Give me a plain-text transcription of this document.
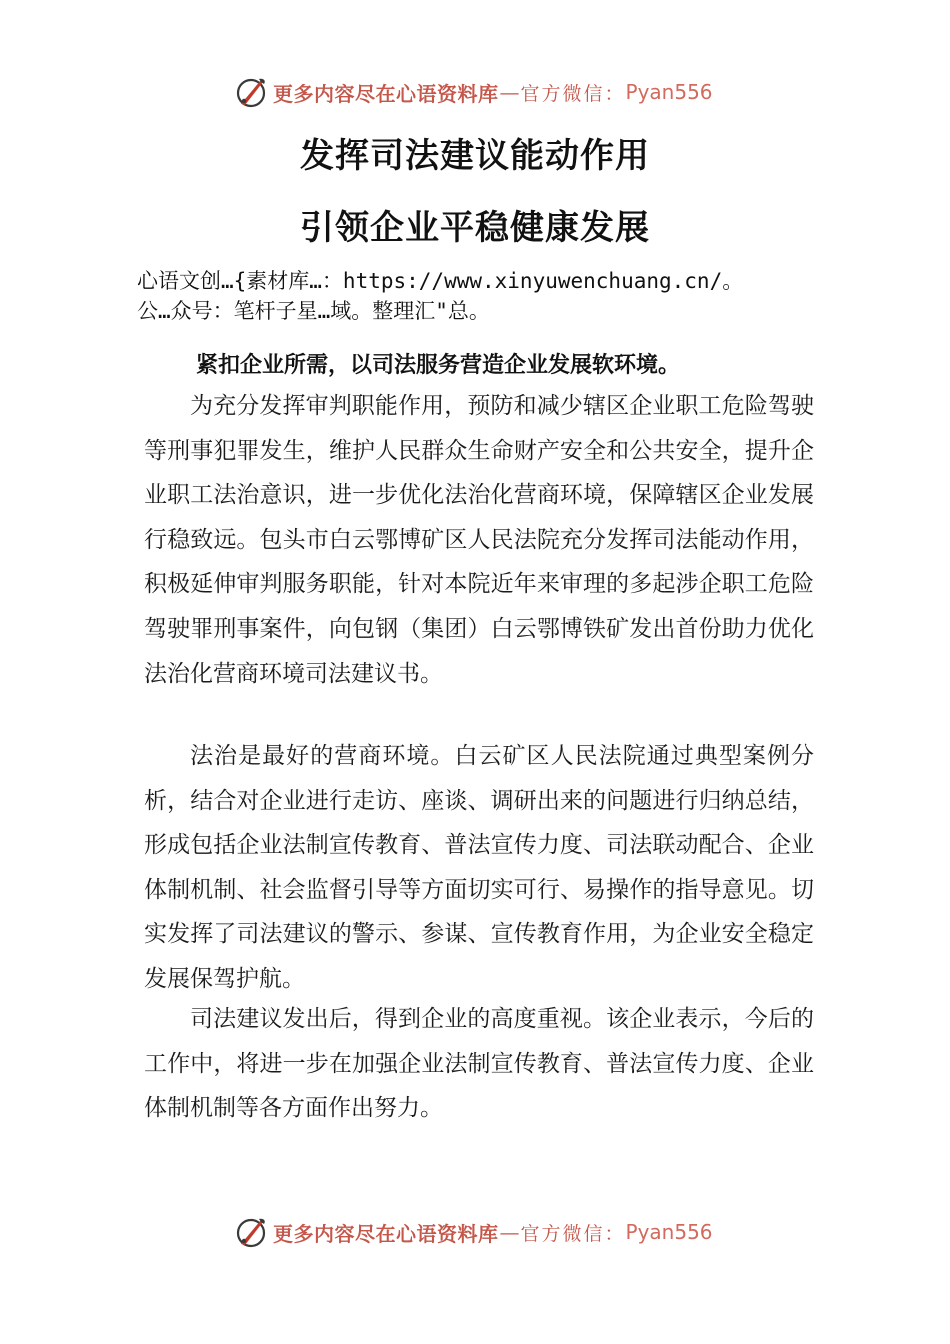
更多内容尽在心语资料库 — 官方微信： Pyan556
发挥司法建议能动作用
引领企业平稳健康发展
心语文创…{素材库…：https://www.xinyuwenchuang.cn/。
公…众号：笔杆子星…域。整理汇"总。
紧扣企业所需，以司法服务营造企业发展软环境。

为充分发挥审判职能作用，预防和减少辖区企业职工危险驾驶等刑事犯罪发生，维护人民群众生命财产安全和公共安全，提升企业职工法治意识，进一步优化法治化营商环境，保障辖区企业发展行稳致远。包头市白云鄂博矿区人民法院充分发挥司法能动作用，积极延伸审判服务职能，针对本院近年来审理的多起涉企职工危险驾驶罪刑事案件，向包钢（集团）白云鄂博铁矿发出首份助力优化法治化营商环境司法建议书。

法治是最好的营商环境。白云矿区人民法院通过典型案例分析，结合对企业进行走访、座谈、调研出来的问题进行归纳总结，形成包括企业法制宣传教育、普法宣传力度、司法联动配合、企业体制机制、社会监督引导等方面切实可行、易操作的指导意见。切实发挥了司法建议的警示、参谋、宣传教育作用，为企业安全稳定发展保驾护航。

司法建议发出后，得到企业的高度重视。该企业表示，今后的工作中，将进一步在加强企业法制宣传教育、普法宣传力度、企业体制机制等各方面作出努力。

更多内容尽在心语资料库 — 官方微信： Pyan556
